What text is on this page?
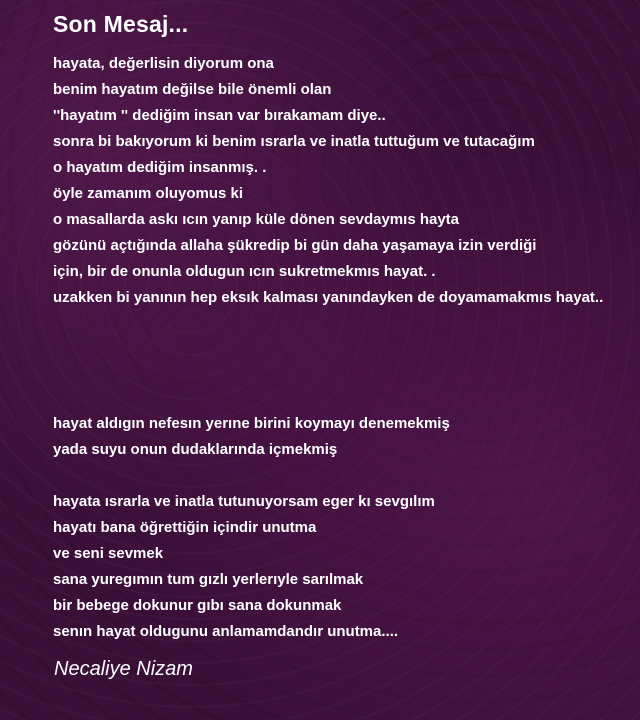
Son Mesaj...
hayata, değerlisin diyorum ona
benim hayatım değilse bile önemli olan
''hayatım '' dediğim insan var bırakamam diye..
sonra bi bakıyorum ki benim ısrarla ve inatla tuttuğum ve tutacağım
o hayatım dediğim insanmış. .
öyle zamanım oluyomus ki
o masallarda askı ıcın yanıp küle dönen sevdaymıs hayta
gözünü açtığında allaha şükredip bi gün daha yaşamaya izin verdiği
için, bir de onunla oldugun ıcın sukretmekmıs hayat. .
uzakken bi yanının hep eksık kalması yanındayken de doyamamakmıs hayat..
hayat aldıgın nefesın yerıne birini koymayı denemekmiş
yada suyu onun dudaklarında içmekmiş
hayata ısrarla ve inatla tutunuyorsam eger kı sevgılım
hayatı bana öğrettiğin içindir unutma
ve seni sevmek
sana yuregımın tum gızlı yerlerıyle sarılmak
bir bebege dokunur gıbı sana dokunmak
senın hayat oldugunu anlamamdandır unutma....

Necaliye Nizam
